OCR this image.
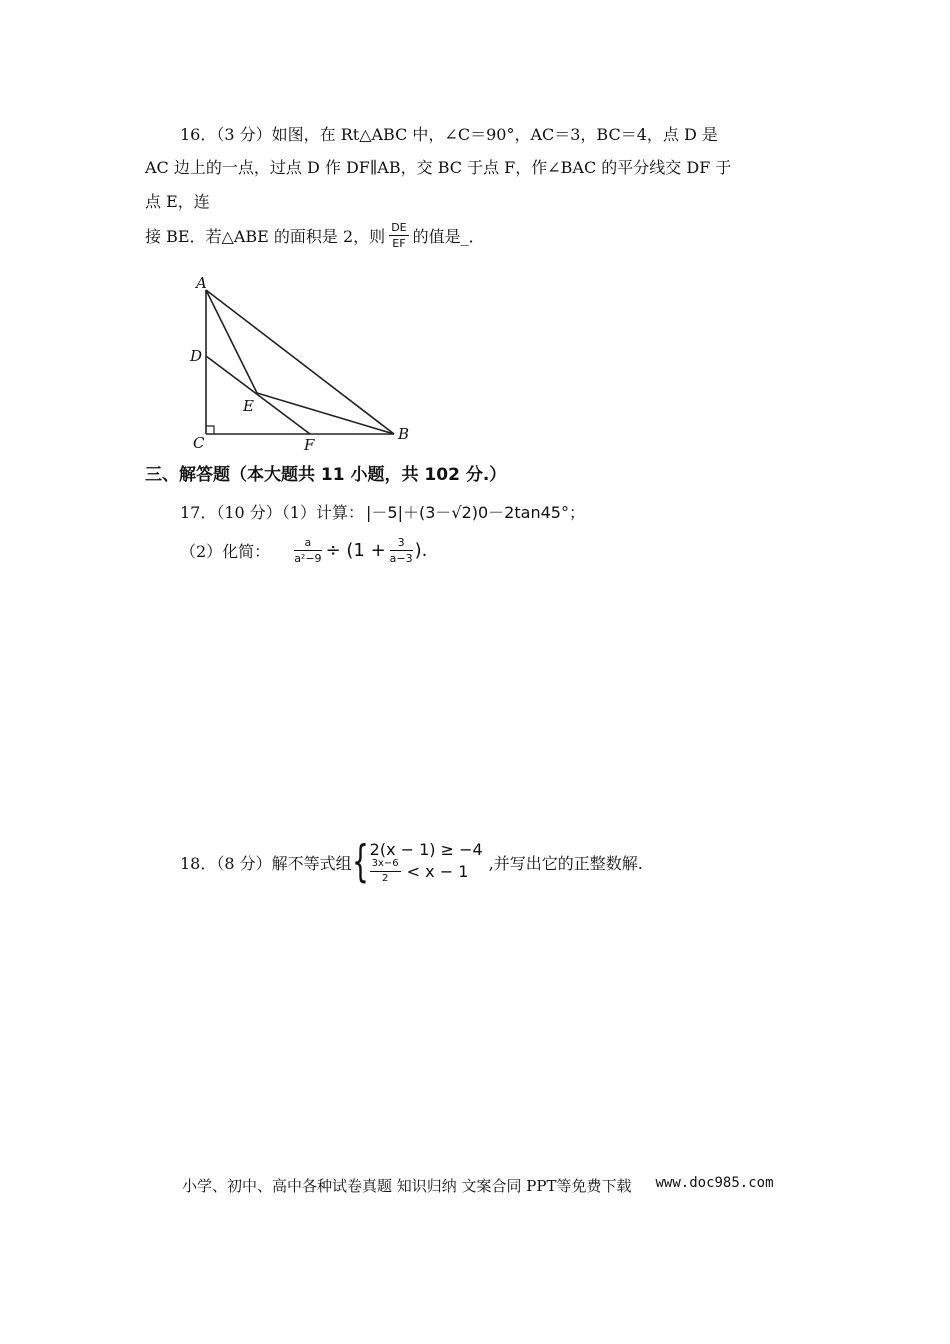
16．（3 分）如图，在 Rt△ABC 中，∠C＝90°，AC＝3，BC＝4，点 D 是
AC 边上的一点，过点 D 作 DF∥AB，交 BC 于点 F，作∠BAC 的平分线交 DF 于
点 E，连
接 BE．若△ABE 的面积是 2，则 $\frac{DE}{EF}$ 的值是_．
A
D
E
C	F
B
三、解答题（本大题共 11 小题，共 102 分.）
17．（10 分）（1）计算： |－5|＋(3－√2)0－2tan45° ；
（2）化简： $\frac{a}{\text{a²−9}} \div (1 + \frac{3}{a-3}$ ).
18．（8 分）解不等式组 { 2(x − 1) ≥ −4
$\frac{3x-6}{2} < x - 1$ ,并写出它的正整数解.
小学、初中、高中各种试卷真题 知识归纳 文案合同 PPT等免费下载 www.doc985.com
